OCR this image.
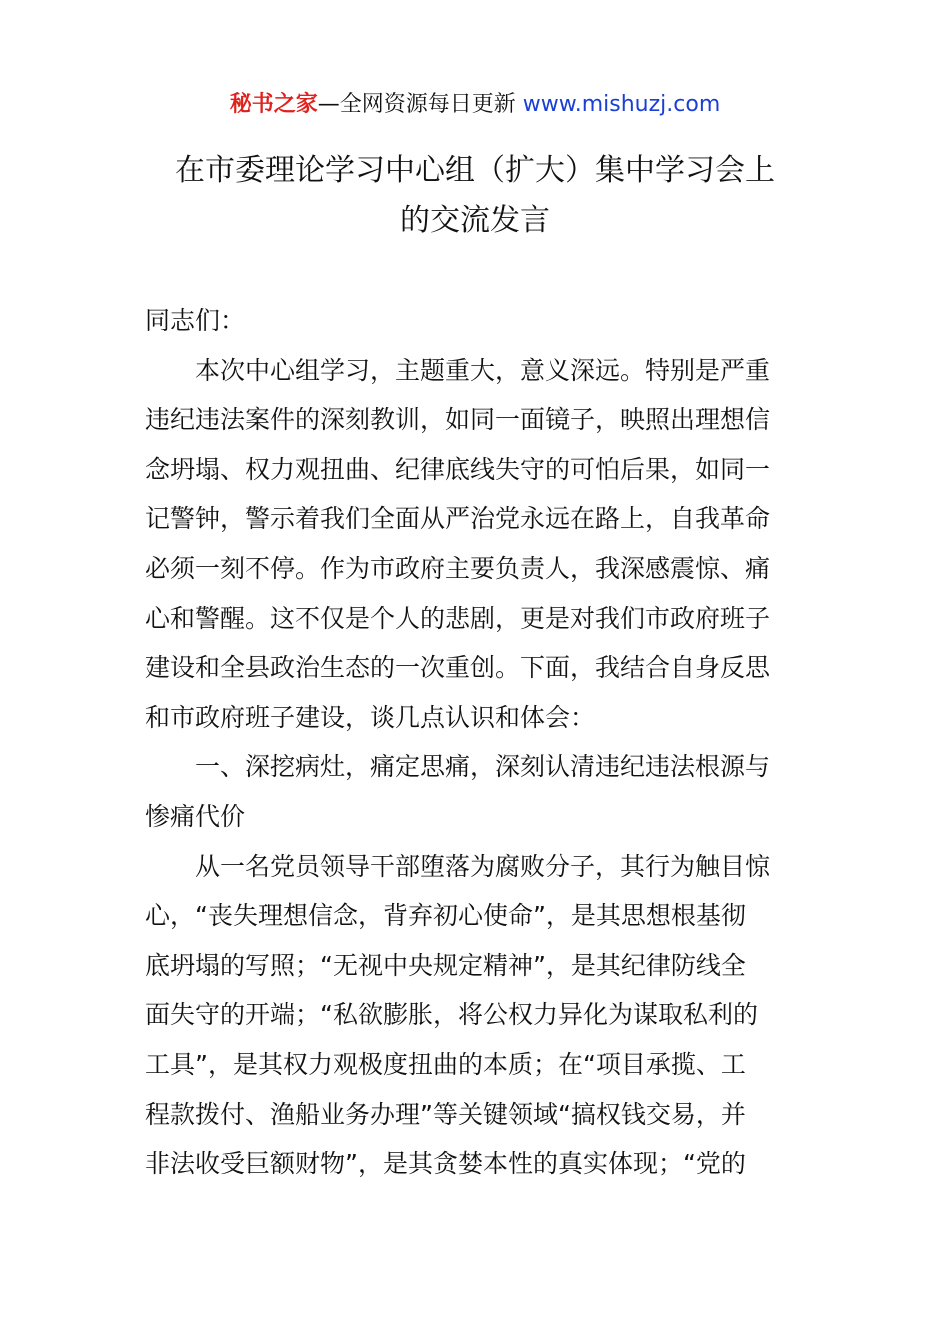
秘书之家—全网资源每日更新 www.mishuzj.com
在市委理论学习中心组（扩大）集中学习会上
的交流发言
同志们：
本次中心组学习，主题重大，意义深远。特别是严重
违纪违法案件的深刻教训，如同一面镜子，映照出理想信
念坍塌、权力观扭曲、纪律底线失守的可怕后果，如同一
记警钟，警示着我们全面从严治党永远在路上，自我革命
必须一刻不停。作为市政府主要负责人，我深感震惊、痛
心和警醒。这不仅是个人的悲剧，更是对我们市政府班子
建设和全县政治生态的一次重创。下面，我结合自身反思
和市政府班子建设，谈几点认识和体会：
一、深挖病灶，痛定思痛，深刻认清违纪违法根源与
惨痛代价
从一名党员领导干部堕落为腐败分子，其行为触目惊
心，“丧失理想信念，背弃初心使命”，是其思想根基彻
底坍塌的写照；“无视中央规定精神”，是其纪律防线全
面失守的开端；“私欲膨胀，将公权力异化为谋取私利的
工具”，是其权力观极度扭曲的本质；在“项目承揽、工
程款拨付、渔船业务办理”等关键领域“搞权钱交易，并
非法收受巨额财物”，是其贪婪本性的真实体现；“党的
